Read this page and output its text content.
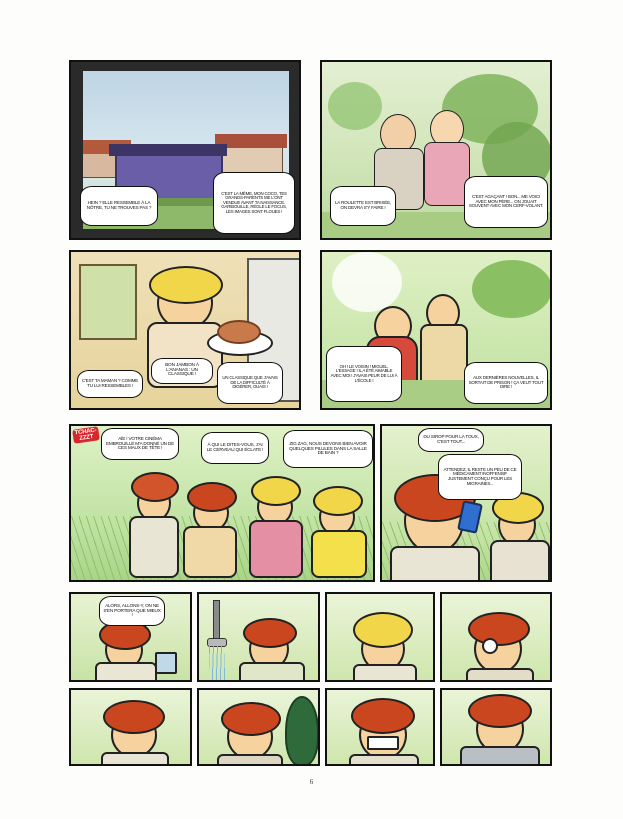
HEIN ? ELLE RESSEMBLE À LA NÔTRE, TU NE TROUVES PAS ?
C'EST LA MÊME, MON COCO, TES GRANDS-PARENTS ME L'ONT VENDUE AVANT TA NAISSANCE. GARIBOUILLE, RÉGLE LE FOCUS, LES IMAGES SONT FLOUES !
LA ROULETTE EST BRISÉE, ON DEVRA S'Y FAIRE !
C'EST AGAÇANT ! BON... ME VOICI AVEC MON PÈRE... ON JOUAIT SOUVENT AVEC MON CERF-VOLANT.
C'EST TA MAMAN ? COMME TU LUI RESSEMBLES !
BON JAMBON À L'ANANAS : UN CLASSIQUE !
UN CLASSIQUE QUE J'AVAIS DE LA DIFFICULTÉ À DIGÉRER, OUAIS !
OH ! LE VOISIN ! MIGUEL, L'ESSAGE ! IL A ÉTÉ AIMABLE AVEC MOI ! J'AVAIS PEUR DE LUI À L'ÉCOLE !	AUX DERNIÈRES NOUVELLES, IL SORTAIT DE PRISON ! ÇA VEUT TOUT DIRE !
TCHAC-ZZZT	AÏE ! VOTRE CINÉMA EMBROUILLÉ M'A DONNÉ UN DE CES MAUX DE TÊTE !
À QUI LE DITES-VOUS, J'AI LE CERVEAU QUI ÉCLATE !
ZIG ZAG, NOUS DEVONS BIEN AVOIR QUELQUES PILULES DANS LA SALLE DE BAIN ?
DU SIROP POUR LA TOUX, C'EST TOUT...
ATTENDEZ, IL RESTE UN PEU DE CE MÉDICAMENT INOFFENSIF JUSTEMENT CONÇU POUR LES MIGRAINES...
ALORS, ALLONS-Y, ON NE S'EN PORTERA QUE MIEUX !
6
